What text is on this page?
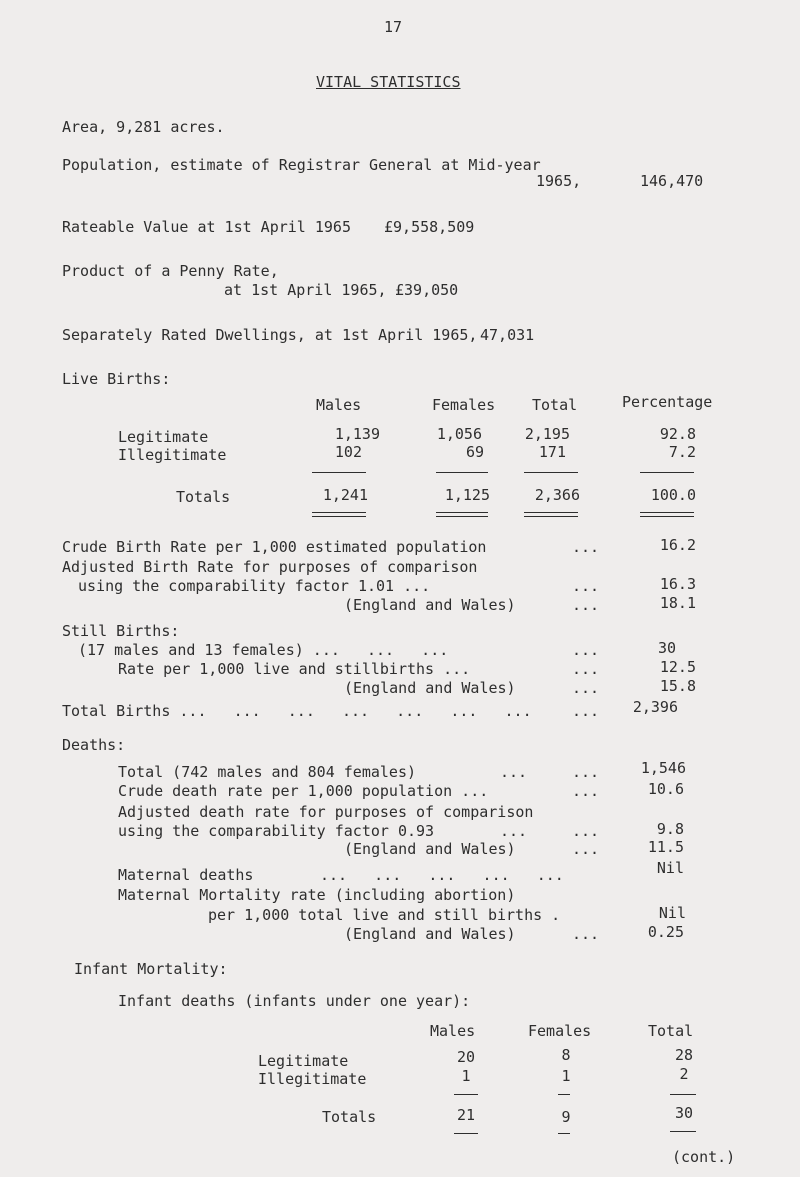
17
VITAL STATISTICS
Area, 9,281 acres.
Population, estimate of Registrar General at Mid-year
1965,	146,470
Rateable Value at 1st April 1965 £9,558,509
Product of a Penny Rate,
at 1st April 1965, £39,050
Separately Rated Dwellings, at 1st April 1965, 47,031
Live Births:
Males	Females Total	Percentage
Legitimate	1,139	1,056	2,195	92.8
Illegitimate	102	69	171	7.2
Totals	1,241	1,125	2,366	100.0
Crude Birth Rate per 1,000 estimated population	...	16.2
Adjusted Birth Rate for purposes of comparison
using the comparability factor 1.01 ...	...	16.3
(England and Wales)	...	18.1
Still Births:
(17 males and 13 females) ...   ...   ...	...	30
Rate per 1,000 live and stillbirths ...	...	12.5
(England and Wales)	...	15.8
Total Births ...   ...   ...   ...   ...   ...   ...	...	2,396
Deaths:
Total (742 males and 804 females)	...	...	1,546
Crude death rate per 1,000 population ...	...	10.6
Adjusted death rate for purposes of comparison
using the comparability factor 0.93	...	...	9.8
(England and Wales)	...	11.5
Maternal deaths	...   ...   ...   ...   ...	Nil
Maternal Mortality rate (including abortion)
per 1,000 total live and still births .	Nil
(England and Wales)	...	0.25
Infant Mortality:
Infant deaths (infants under one year):
Males	Females	Total
Legitimate	20	8	28
Illegitimate	1	1	2
Totals	21	9	30
(cont.)
